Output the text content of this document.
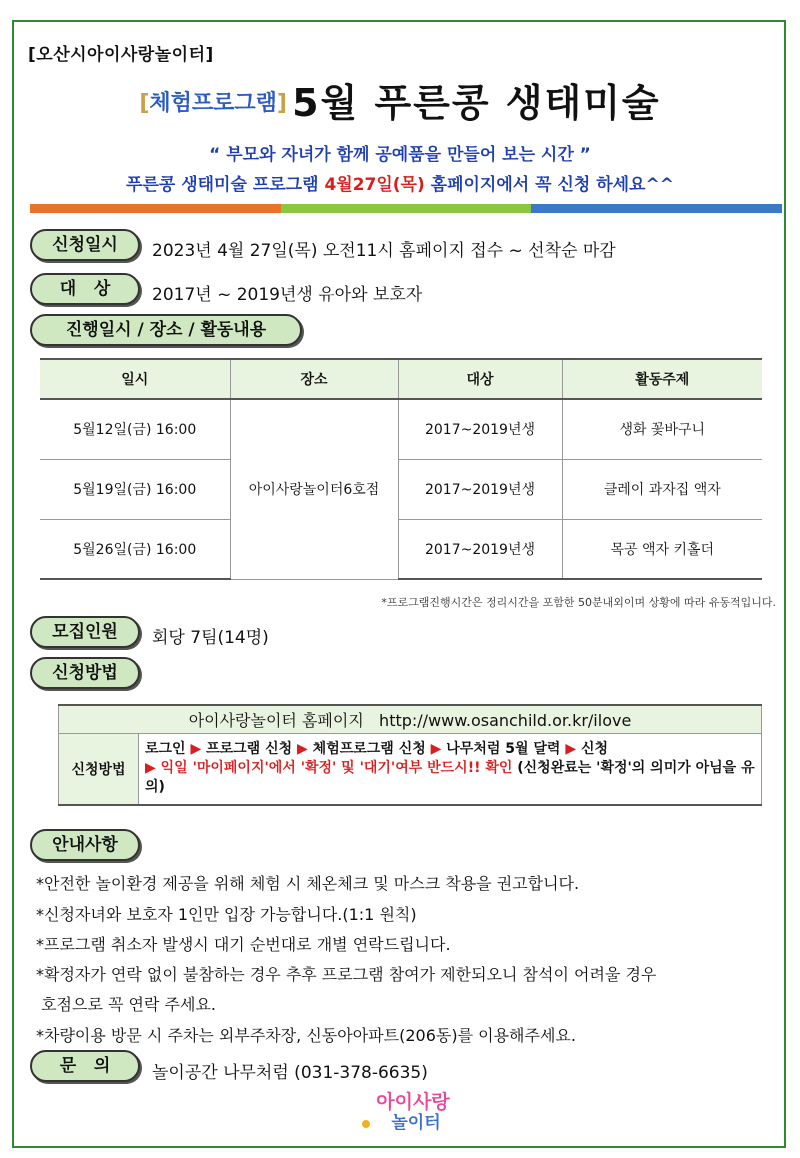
[오산시아이사랑놀이터]
[체험프로그램] 5월 푸른콩 생태미술
“ 부모와 자녀가 함께 공예품을 만들어 보는 시간 ”
푸른콩 생태미술 프로그램 4월27일(목) 홈페이지에서 꼭 신청 하세요^^
신청일시	2023년 4월 27일(목) 오전11시 홈페이지 접수 ~ 선착순 마감
대   상	2017년 ~ 2019년생 유아와 보호자
진행일시 / 장소 / 활동내용
일시	장소	대상	활동주제
5월12일(금) 16:00	아이사랑놀이터6호점	2017~2019년생	생화 꽃바구니
5월19일(금) 16:00		2017~2019년생	클레이 과자집 액자
5월26일(금) 16:00		2017~2019년생	목공 액자 키홀더
*프로그램진행시간은 정리시간을 포함한 50분내외이며 상황에 따라 유동적입니다.
모집인원	회당 7팀(14명)
신청방법
아이사랑놀이터 홈페이지   http://www.osanchild.or.kr/ilove
신청방법	로그인 ▶ 프로그램 신청 ▶ 체험프로그램 신청 ▶ 나무처럼 5월 달력 ▶ 신청
▶ 익일 '마이페이지'에서 '확정' 및 '대기'여부 반드시!! 확인 (신청완료는 '확정'의 의미가 아님을 유의)
안내사항
*안전한 놀이환경 제공을 위해 체험 시 체온체크 및 마스크 착용을 권고합니다.
*신청자녀와 보호자 1인만 입장 가능합니다.(1:1 원칙)
*프로그램 취소자 발생시 대기 순번대로 개별 연락드립니다.
*확정자가 연락 없이 불참하는 경우 추후 프로그램 참여가 제한되오니 참석이 어려울 경우
호점으로 꼭 연락 주세요.
*차량이용 방문 시 주차는 외부주차장, 신동아아파트(206동)를 이용해주세요.
문   의	놀이공간 나무처럼 (031-378-6635)
아이사랑
놀이터
